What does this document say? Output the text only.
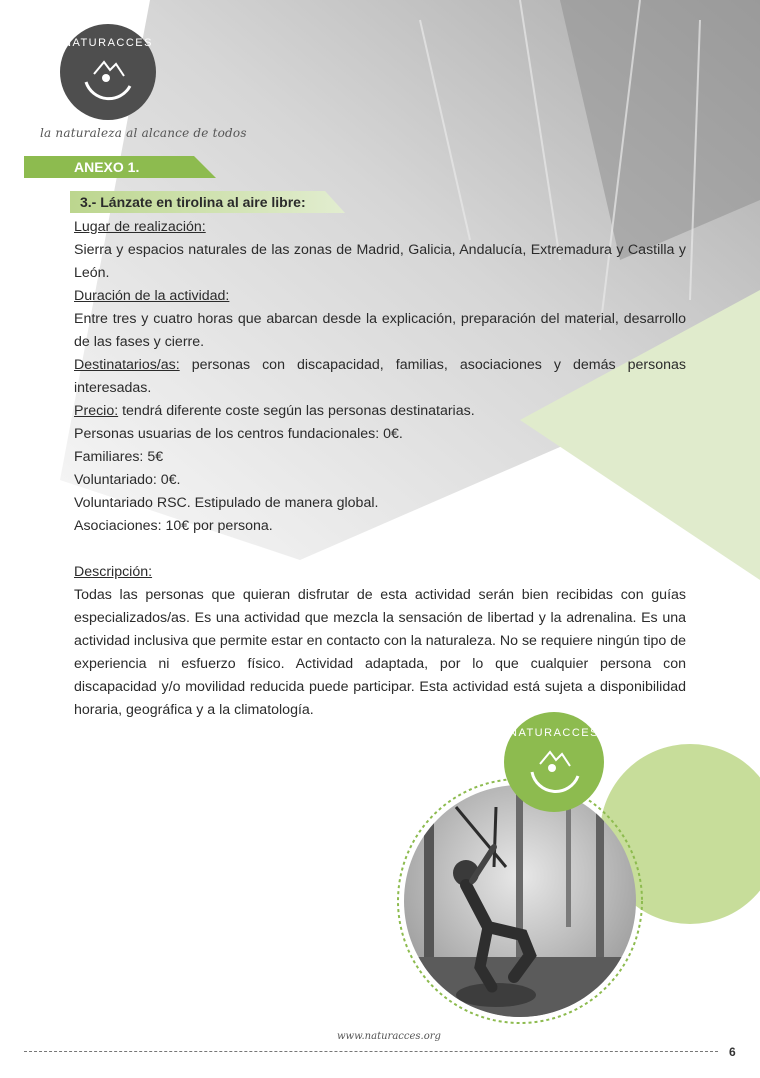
NATURACCES
la naturaleza al alcance de todos
ANEXO 1.
3.- Lánzate en tirolina al aire libre:

Lugar de realización:

Sierra y espacios naturales de las zonas de Madrid, Galicia, Andalucía, Extremadura y Castilla y León.

Duración de la actividad:

Entre tres y cuatro horas que abarcan desde la explicación, preparación del material, desarrollo de las fases y cierre.

Destinatarios/as: personas con discapacidad, familias, asociaciones y demás personas interesadas.

Precio: tendrá diferente coste según las personas destinatarias.

Personas usuarias de los centros fundacionales: 0€.

Familiares: 5€

Voluntariado: 0€.

Voluntariado RSC. Estipulado de manera global.

Asociaciones: 10€ por persona.

Descripción:

Todas las personas que quieran disfrutar de esta actividad serán bien recibidas con guías especializados/as. Es una actividad que mezcla la sensación de libertad y la adrenalina. Es una actividad inclusiva que permite estar en contacto con la naturaleza. No se requiere ningún tipo de experiencia ni esfuerzo físico. Actividad adaptada, por lo que cualquier persona con discapacidad y/o movilidad reducida puede participar. Esta actividad está sujeta a disponibilidad horaria, geográfica y a la climatología.

NATURACCES
www.naturacces.org
6
